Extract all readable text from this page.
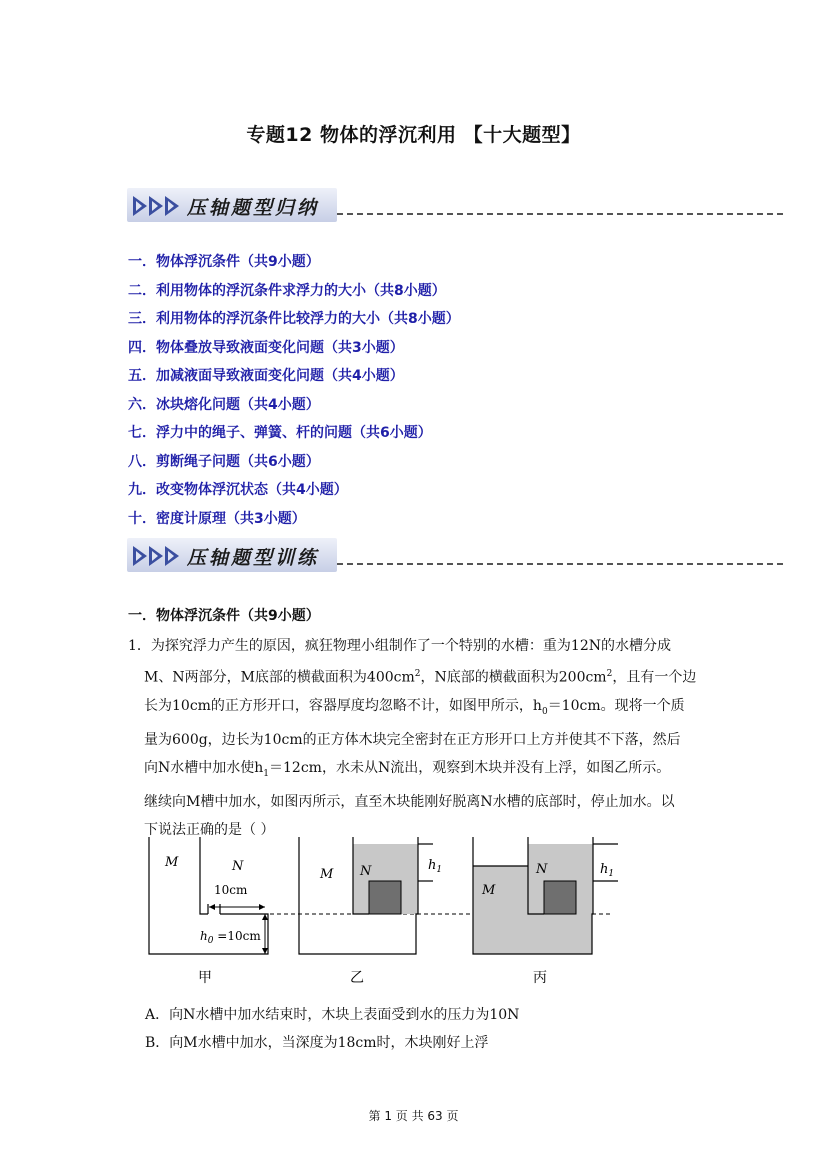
专题12 物体的浮沉利用 【十大题型】
压轴题型归纳
一．物体浮沉条件（共9小题）
二．利用物体的浮沉条件求浮力的大小（共8小题）
三．利用物体的浮沉条件比较浮力的大小（共8小题）
四．物体叠放导致液面变化问题（共3小题）
五．加减液面导致液面变化问题（共4小题）
六．冰块熔化问题（共4小题）
七．浮力中的绳子、弹簧、杆的问题（共6小题）
八．剪断绳子问题（共6小题）
九．改变物体浮沉状态（共4小题）
十．密度计原理（共3小题）
压轴题型训练
一．物体浮沉条件（共9小题）

1．为探究浮力产生的原因，疯狂物理小组制作了一个特别的水槽：重为12N的水槽分成

M、N两部分，M底部的横截面积为$400cm^2$，N底部的横截面积为$200cm^2$，且有一个边

长为10cm的正方形开口，容器厚度均忽略不计，如图甲所示，$h_0=10cm$。现将一个质

量为600g，边长为10cm的正方体木块完全密封在正方形开口上方并使其不下落，然后

向N水槽中加水使$h_1=12cm$，水未从N流出，观察到木块并没有上浮，如图乙所示。

继续向M槽中加水，如图丙所示，直至木块能刚好脱离N水槽的底部时，停止加水。以

下说法正确的是（ ）

M	N
10cm
$h_0 =10cm$
M N	$h_1$
M
N	$h_1$
甲	乙	丙
A．向N水槽中加水结束时，木块上表面受到水的压力为10N
B．向M水槽中加水，当深度为18cm时，木块刚好上浮
第 1 页 共 63 页
